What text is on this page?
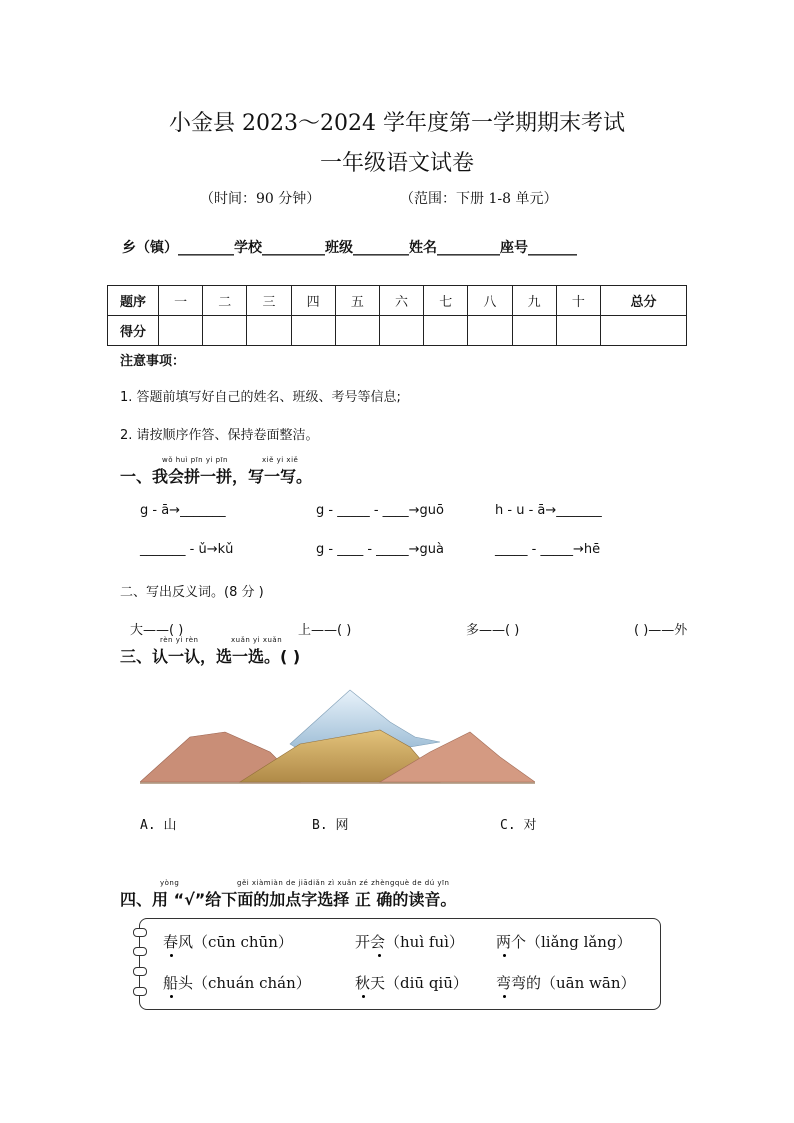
小金县 2023～2024 学年度第一学期期末考试
一年级语文试卷
（时间：90 分钟）	（范围：下册 1-8 单元）
乡（镇）________学校_________班级________姓名_________座号_______
题序	一	二	三	四	五	六	七	八	九	十	总分
得分											
注意事项：
1. 答题前填写好自己的姓名、班级、考号等信息;
2. 请按顺序作答、保持卷面整洁。
wǒ huì pīn yi pīn	xiě yi xiě
一、我会拼一拼，写一写。
g - ā→_______	g - _____ - ____→guō	h - u - ā→_______
_______ - ǔ→kǔ	g - ____ - _____→guà	_____ - _____→hē
二、写出反义词。(8 分 )
大——( )	上——( )	多——( )	( )——外
rèn yi rèn	xuǎn yi xuǎn
三、认一认，选一选。( )
A. 山	B. 网	C. 对
yòng	gěi xiàmiàn de jiādiǎn zì xuǎn zé zhèngquè de dú yīn
四、用 “√”给下面的加点字选择 正 确的读音。
春风（cūn chūn）	开会（huì fuì） 两个（liǎng lǎng）
船头（chuán chán）	秋天（diū qiū） 弯弯的（uān wān）
